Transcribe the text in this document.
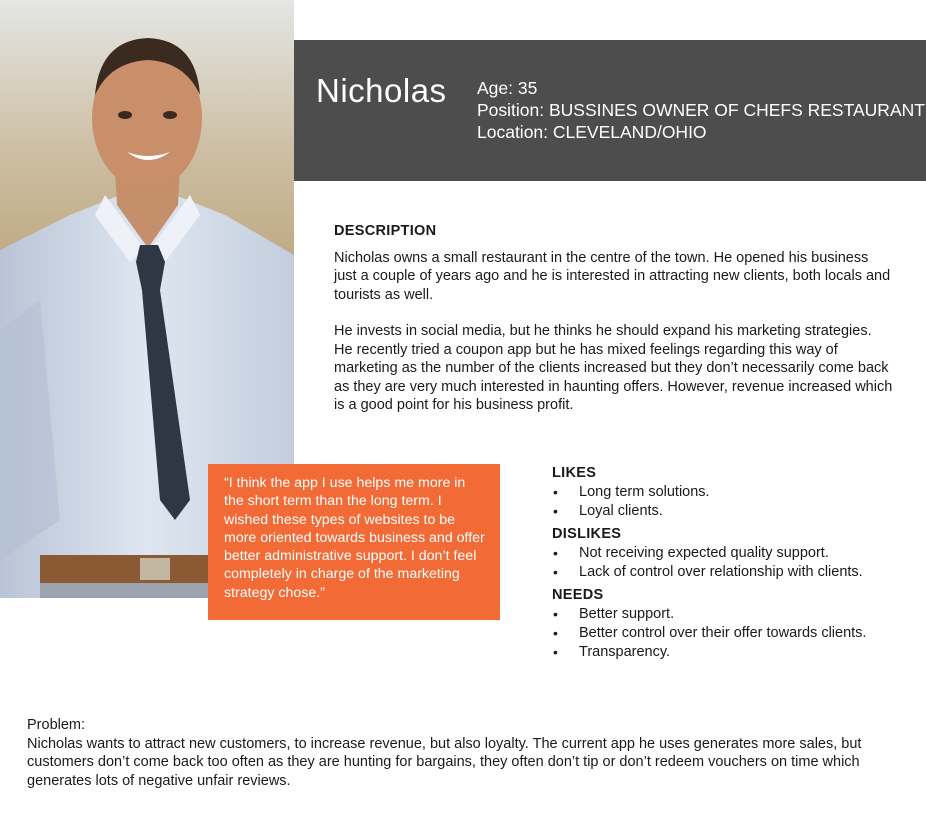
Nicholas Age: 35
Position: BUSSINES OWNER OF CHEFS RESTAURANT
Location: CLEVELAND/OHIO
DESCRIPTION

Nicholas owns a small restaurant in the centre of the town. He opened his business just a couple of years ago and he is interested in attracting new clients, both locals and tourists as well.

He invests in social media, but he thinks he should expand his marketing strategies. He recently tried a coupon app but he has mixed feelings regarding this way of marketing as the number of the clients increased but they don’t necessarily come back as they are very much interested in haunting offers. However, revenue increased which is a good point for his business profit.

“I think the app I use helps me more in the short term than the long term. I wished these types of websites to be more oriented towards business and offer better administrative support. I don’t feel completely in charge of the marketing strategy chose.”
LIKES
• Long term solutions.
• Loyal clients.
DISLIKES
• Not receiving expected quality support.
• Lack of control over relationship with clients.
NEEDS
• Better support.
• Better control over their offer towards clients.
• Transparency.
Problem:
Nicholas wants to attract new customers, to increase revenue, but also loyalty. The current app he uses generates more sales, but customers don’t come back too often as they are hunting for bargains, they often don’t tip or don’t redeem vouchers on time which generates lots of negative unfair reviews.
